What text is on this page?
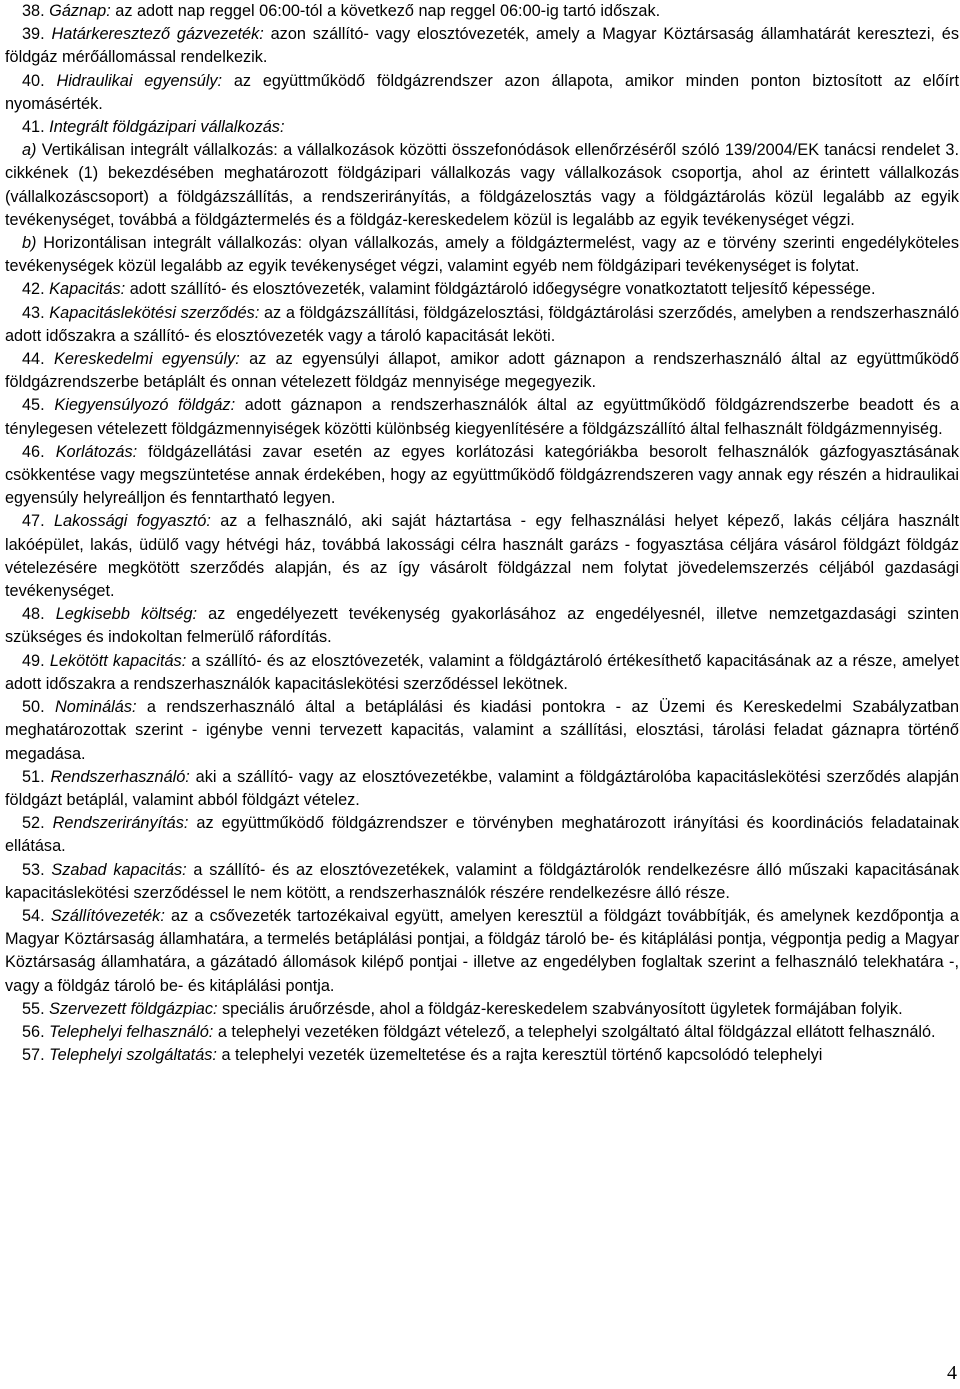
38. Gáznap: az adott nap reggel 06:00-tól a következő nap reggel 06:00-ig tartó időszak.

39. Határkeresztező gázvezeték: azon szállító- vagy elosztóvezeték, amely a Magyar Köztársaság államhatárát keresztezi, és földgáz mérőállomással rendelkezik.

40. Hidraulikai egyensúly: az együttműködő földgázrendszer azon állapota, amikor minden ponton biztosított az előírt nyomásérték.

41. Integrált földgázipari vállalkozás:

a) Vertikálisan integrált vállalkozás: a vállalkozások közötti összefonódások ellenőrzéséről szóló 139/2004/EK tanácsi rendelet 3. cikkének (1) bekezdésében meghatározott földgázipari vállalkozás vagy vállalkozások csoportja, ahol az érintett vállalkozás (vállalkozáscsoport) a földgázszállítás, a rendszerirányítás, a földgázelosztás vagy a földgáztárolás közül legalább az egyik tevékenységet, továbbá a földgáztermelés és a földgáz-kereskedelem közül is legalább az egyik tevékenységet végzi.

b) Horizontálisan integrált vállalkozás: olyan vállalkozás, amely a földgáztermelést, vagy az e törvény szerinti engedélyköteles tevékenységek közül legalább az egyik tevékenységet végzi, valamint egyéb nem földgázipari tevékenységet is folytat.

42. Kapacitás: adott szállító- és elosztóvezeték, valamint földgáztároló időegységre vonatkoztatott teljesítő képessége.

43. Kapacitáslekötési szerződés: az a földgázszállítási, földgázelosztási, földgáztárolási szerződés, amelyben a rendszerhasználó adott időszakra a szállító- és elosztóvezeték vagy a tároló kapacitását leköti.

44. Kereskedelmi egyensúly: az az egyensúlyi állapot, amikor adott gáznapon a rendszerhasználó által az együttműködő földgázrendszerbe betáplált és onnan vételezett földgáz mennyisége megegyezik.

45. Kiegyensúlyozó földgáz: adott gáznapon a rendszerhasználók által az együttműködő földgázrendszerbe beadott és a ténylegesen vételezett földgázmennyiségek közötti különbség kiegyenlítésére a földgázszállító által felhasznált földgázmennyiség.

46. Korlátozás: földgázellátási zavar esetén az egyes korlátozási kategóriákba besorolt felhasználók gázfogyasztásának csökkentése vagy megszüntetése annak érdekében, hogy az együttműködő földgázrendszeren vagy annak egy részén a hidraulikai egyensúly helyreálljon és fenntartható legyen.

47. Lakossági fogyasztó: az a felhasználó, aki saját háztartása - egy felhasználási helyet képező, lakás céljára használt lakóépület, lakás, üdülő vagy hétvégi ház, továbbá lakossági célra használt garázs - fogyasztása céljára vásárol földgázt földgáz vételezésére megkötött szerződés alapján, és az így vásárolt földgázzal nem folytat jövedelemszerzés céljából gazdasági tevékenységet.

48. Legkisebb költség: az engedélyezett tevékenység gyakorlásához az engedélyesnél, illetve nemzetgazdasági szinten szükséges és indokoltan felmerülő ráfordítás.

49. Lekötött kapacitás: a szállító- és az elosztóvezeték, valamint a földgáztároló értékesíthető kapacitásának az a része, amelyet adott időszakra a rendszerhasználók kapacitáslekötési szerződéssel lekötnek.

50. Nominálás: a rendszerhasználó által a betáplálási és kiadási pontokra - az Üzemi és Kereskedelmi Szabályzatban meghatározottak szerint - igénybe venni tervezett kapacitás, valamint a szállítási, elosztási, tárolási feladat gáznapra történő megadása.

51. Rendszerhasználó: aki a szállító- vagy az elosztóvezetékbe, valamint a földgáztárolóba kapacitáslekötési szerződés alapján földgázt betáplál, valamint abból földgázt vételez.

52. Rendszerirányítás: az együttműködő földgázrendszer e törvényben meghatározott irányítási és koordinációs feladatainak ellátása.

53. Szabad kapacitás: a szállító- és az elosztóvezetékek, valamint a földgáztárolók rendelkezésre álló műszaki kapacitásának kapacitáslekötési szerződéssel le nem kötött, a rendszerhasználók részére rendelkezésre álló része.

54. Szállítóvezeték: az a csővezeték tartozékaival együtt, amelyen keresztül a földgázt továbbítják, és amelynek kezdőpontja a Magyar Köztársaság államhatára, a termelés betáplálási pontjai, a földgáz tároló be- és kitáplálási pontja, végpontja pedig a Magyar Köztársaság államhatára, a gázátadó állomások kilépő pontjai - illetve az engedélyben foglaltak szerint a felhasználó telekhatára -, vagy a földgáz tároló be- és kitáplálási pontja.

55. Szervezett földgázpiac: speciális áruőrzésde, ahol a földgáz-kereskedelem szabványosított ügyletek formájában folyik.

56. Telephelyi felhasználó: a telephelyi vezetéken földgázt vételező, a telephelyi szolgáltató által földgázzal ellátott felhasználó.

57. Telephelyi szolgáltatás: a telephelyi vezeték üzemeltetése és a rajta keresztül történő kapcsolódó telephelyi

4
